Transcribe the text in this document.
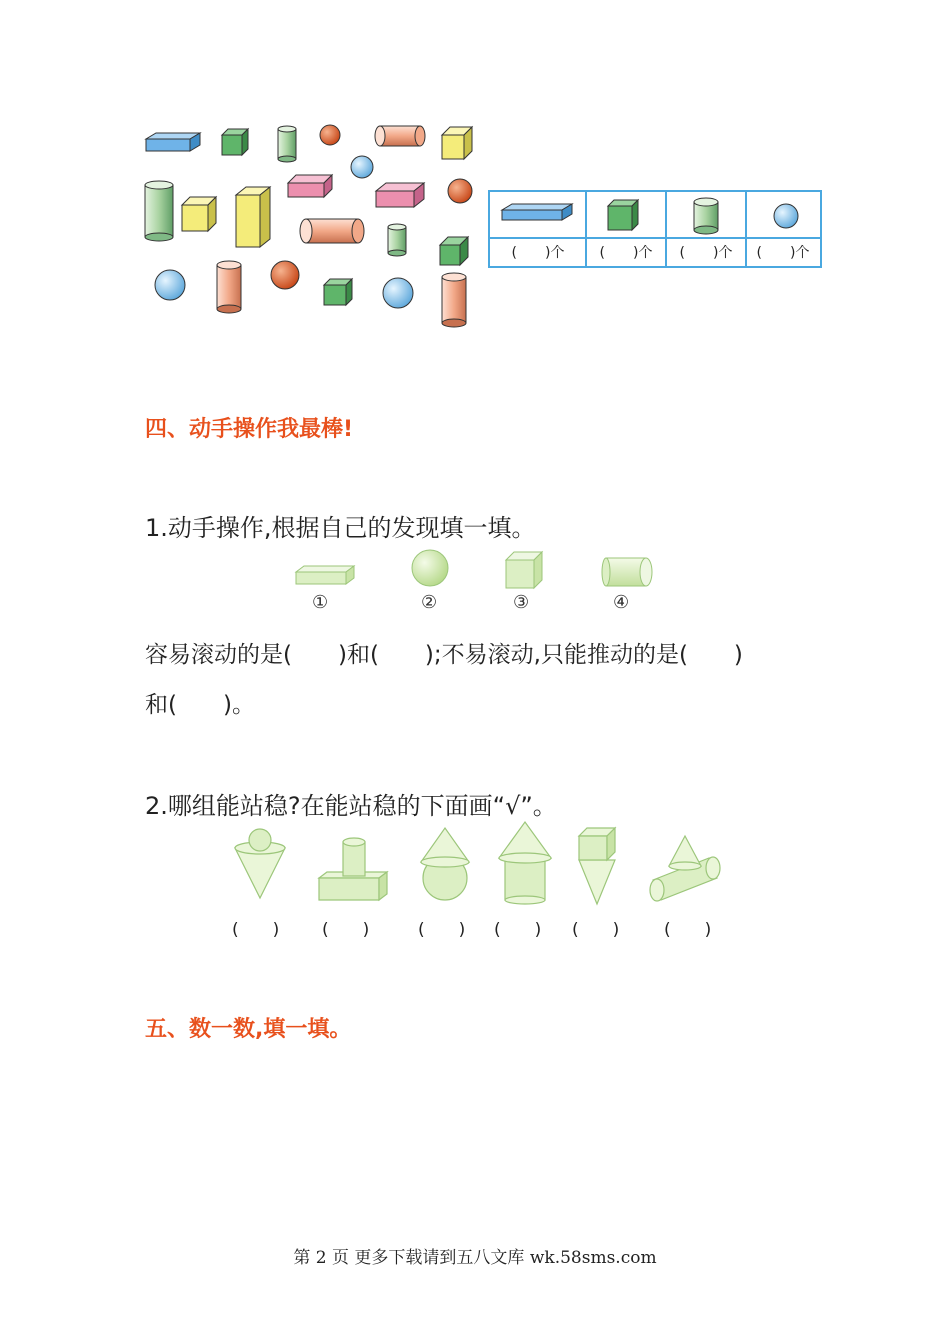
(　　)个	(　　)个	(　　)个	(　　)个
四、动手操作我最棒!
1.动手操作,根据自己的发现填一填。
①	②	③	④
容易滚动的是(　　)和(　　);不易滚动,只能推动的是(　　)
和(　　)。
2.哪组能站稳?在能站稳的下面画“√”。
(　　)	(　　)	(　　) (　　) (　　)	(　　)
五、数一数,填一填。
第 2 页 更多下载请到五八文库 wk.58sms.com
